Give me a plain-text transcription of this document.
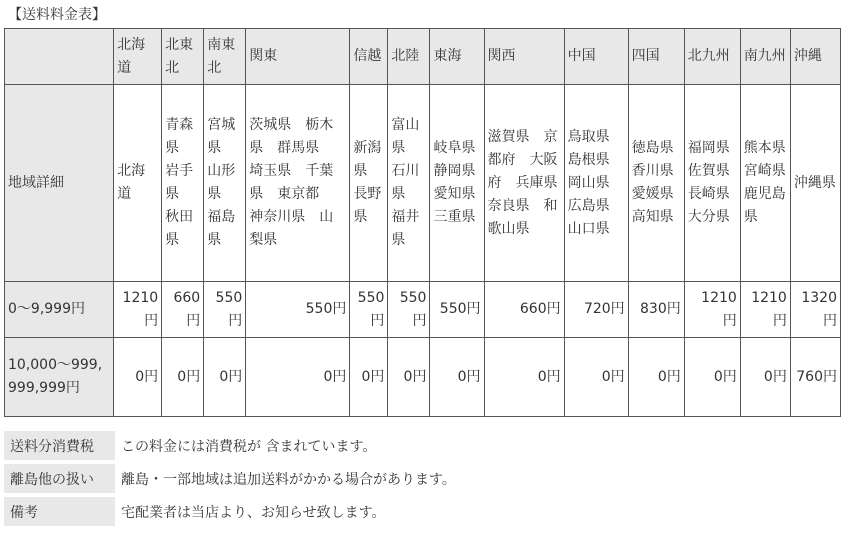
【送料料金表】
	北海道	北東北	南東北	関東	信越	北陸	東海	関西	中国	四国	北九州	南九州	沖縄
地域詳細	北海道	青森県　岩手県　秋田県	宮城県　山形県　福島県	茨城県　栃木県　群馬県　埼玉県　千葉県　東京都　神奈川県　山梨県	新潟県　長野県	富山県　石川県　福井県	岐阜県　静岡県　愛知県　三重県	滋賀県　京都府　大阪府　兵庫県　奈良県　和歌山県	鳥取県　島根県　岡山県　広島県　山口県	徳島県　香川県　愛媛県　高知県	福岡県　佐賀県　長崎県　大分県	熊本県　宮崎県　鹿児島県	沖縄県
0～9,999円	1210円	660円	550円	550円	550円	550円	550円	660円	720円	830円	1210円	1210円	1320円
10,000～999,999,999円	0円	0円	0円	0円	0円	0円	0円	0円	0円	0円	0円	0円	760円
送料分消費税	この料金には消費税が 含まれています。
離島他の扱い	離島・一部地域は追加送料がかかる場合があります。
備考	宅配業者は当店より、お知らせ致します。
